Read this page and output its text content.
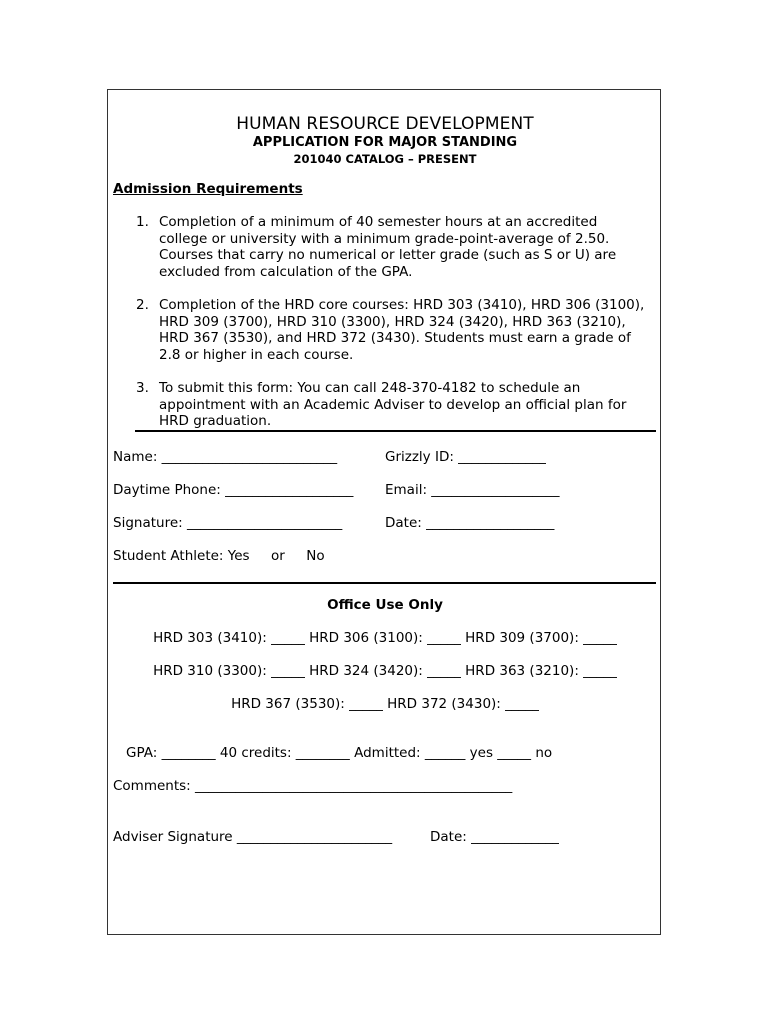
HUMAN RESOURCE DEVELOPMENT
APPLICATION FOR MAJOR STANDING
201040 CATALOG – PRESENT
Admission Requirements
1. Completion of a minimum of 40 semester hours at an accredited college or university with a minimum grade-point-average of 2.50. Courses that carry no numerical or letter grade (such as S or U) are excluded from calculation of the GPA.
2. Completion of the HRD core courses: HRD 303 (3410), HRD 306 (3100), HRD 309 (3700), HRD 310 (3300), HRD 324 (3420), HRD 363 (3210), HRD 367 (3530), and HRD 372 (3430). Students must earn a grade of 2.8 or higher in each course.
3. To submit this form: You can call 248-370-4182 to schedule an appointment with an Academic Adviser to develop an official plan for HRD graduation.
Name: __________________________	Grizzly ID: _____________
Daytime Phone: ___________________ Email: ___________________
Signature: _______________________	Date: ___________________
Student Athlete: Yes     or     No
Office Use Only
HRD 303 (3410): _____ HRD 306 (3100): _____ HRD 309 (3700): _____
HRD 310 (3300): _____ HRD 324 (3420): _____ HRD 363 (3210): _____
HRD 367 (3530): _____ HRD 372 (3430): _____
GPA: ________ 40 credits: ________ Admitted: ______ yes _____ no
Comments: _______________________________________________
Adviser Signature _______________________	Date: _____________
